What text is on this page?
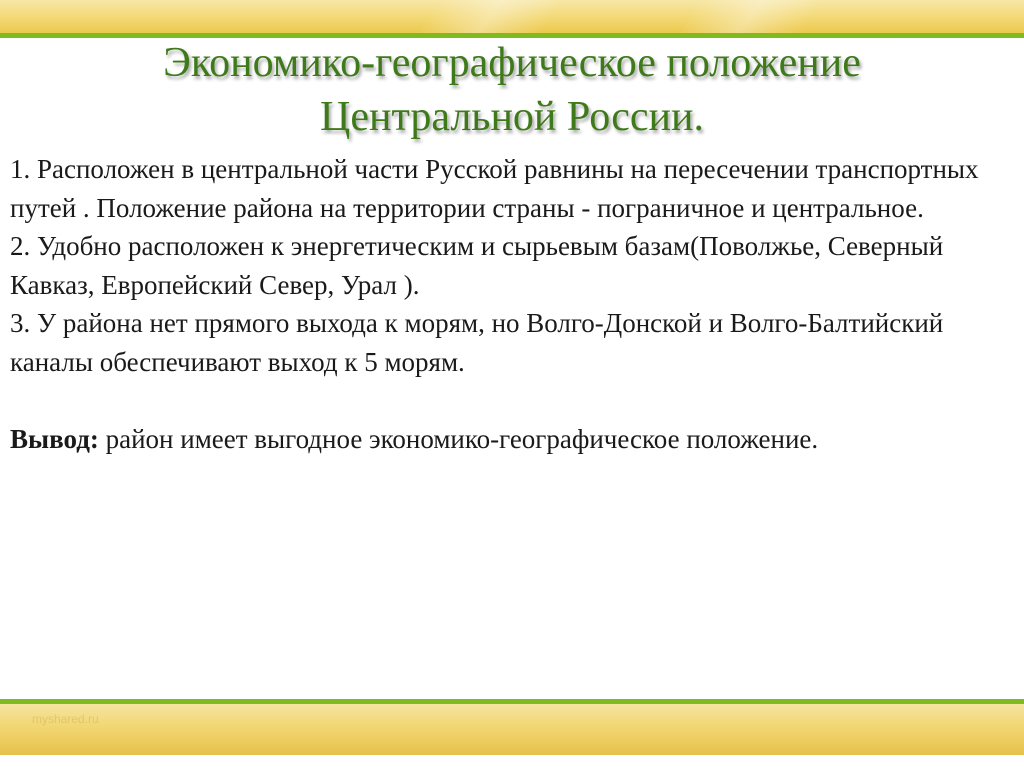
myshared.ru
Экономико-географическое положение
Центральной России.

1. Расположен в центральной части Русской равнины на пересечении транспортных путей . Положение района на территории страны - пограничное и центральное.

2. Удобно расположен к энергетическим и сырьевым базам(Поволжье, Северный Кавказ, Европейский Север, Урал ).

3. У района нет прямого выхода к морям, но Волго-Донской и Волго-Балтийский каналы обеспечивают выход к 5 морям.

Вывод: район имеет выгодное экономико-географическое положение.
